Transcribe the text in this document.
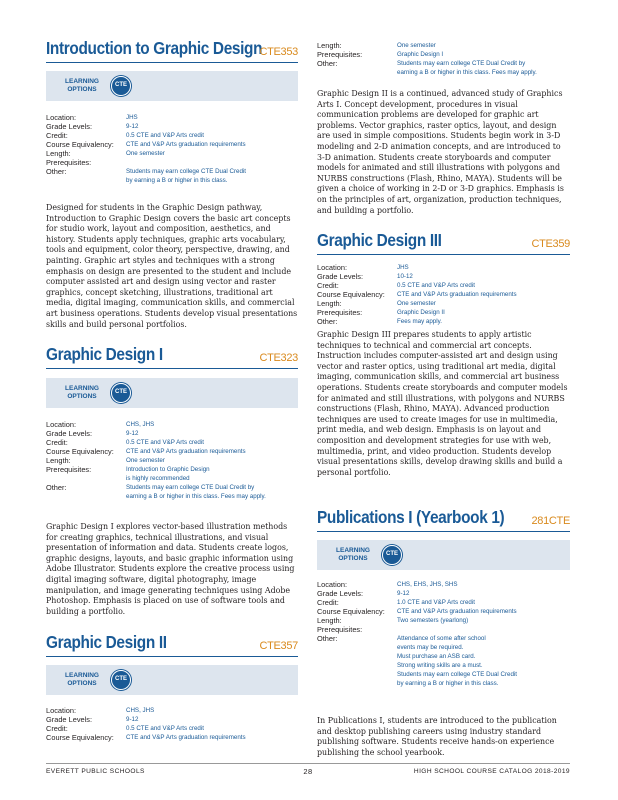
Introduction to Graphic Design
CTE353
LEARNING
OPTIONS
CTE
Location:	JHS
Grade Levels:	9-12
Credit:	0.5 CTE and V&P Arts credit
Course Equivalency:	CTE and V&P Arts graduation requirements
Length:	One semester
Prerequisites:
Other:	Students may earn college CTE Dual Credit
by earning a B or higher in this class.
Designed for students in the Graphic Design pathway, Introduction to Graphic Design covers the basic art concepts for studio work, layout and composition, aesthetics, and history. Students apply techniques, graphic arts vocabulary, tools and equipment, color theory, perspective, drawing, and painting. Graphic art styles and techniques with a strong emphasis on design are presented to the student and include computer assisted art and design using vector and raster graphics, concept sketching, illustrations, traditional art media, digital imaging, communication skills, and commercial art business operations. Students develop visual presentations skills and build personal portfolios.
Graphic Design I	CTE323
LEARNING
OPTIONS
CTE
Location:	CHS, JHS
Grade Levels:	9-12
Credit:	0.5 CTE and V&P Arts credit
Course Equivalency:	CTE and V&P Arts graduation requirements
Length:	One semester
Prerequisites:	Introduction to Graphic Design
is highly recommended
Other:	Students may earn college CTE Dual Credit by
earning a B or higher in this class. Fees may apply.
Graphic Design I explores vector-based illustration methods for creating graphics, technical illustrations, and visual presentation of information and data. Students create logos, graphic designs, layouts, and basic graphic information using Adobe Illustrator. Students explore the creative process using digital imaging software, digital photography, image manipulation, and image generating techniques using Adobe Photoshop. Emphasis is placed on use of software tools and building a portfolio.
Graphic Design II	CTE357
LEARNING
OPTIONS
CTE
Location:	CHS, JHS
Grade Levels:	9-12
Credit:	0.5 CTE and V&P Arts credit
Course Equivalency:	CTE and V&P Arts graduation requirements
Length:	One semester
Prerequisites:	Graphic Design I
Other:	Students may earn college CTE Dual Credit by
earning a B or higher in this class. Fees may apply.
Graphic Design II is a continued, advanced study of Graphics Arts I. Concept development, procedures in visual communication problems are developed for graphic art problems. Vector graphics, raster optics, layout, and design are used in simple compositions. Students begin work in 3-D modeling and 2-D animation concepts, and are introduced to 3-D animation. Students create storyboards and computer models for animated and still illustrations with polygons and NURBS constructions (Flash, Rhino, MAYA). Students will be given a choice of working in 2-D or 3-D graphics. Emphasis is on the principles of art, organization, production techniques, and building a portfolio.
Graphic Design III	CTE359
Location:	JHS
Grade Levels:	10-12
Credit:	0.5 CTE and V&P Arts credit
Course Equivalency:	CTE and V&P Arts graduation requirements
Length:	One semester
Prerequisites:	Graphic Design II
Other:	Fees may apply.
Graphic Design III prepares students to apply artistic techniques to technical and commercial art concepts. Instruction includes computer-assisted art and design using vector and raster optics, using traditional art media, digital imaging, communication skills, and commercial art business operations. Students create storyboards and computer models for animated and still illustrations, with polygons and NURBS constructions (Flash, Rhino, MAYA). Advanced production techniques are used to create images for use in multimedia, print media, and web design. Emphasis is on layout and composition and development strategies for use with web, multimedia, print, and video production. Students develop visual presentations skills, develop drawing skills and build a personal portfolio.
Publications I (Yearbook 1) 281CTE
LEARNING
OPTIONS
CTE
Location:	CHS, EHS, JHS, SHS
Grade Levels:	9-12
Credit:	1.0 CTE and V&P Arts credit
Course Equivalency:	CTE and V&P Arts graduation requirements
Length:	Two semesters (yearlong)
Prerequisites:
Other:	Attendance of some after school
events may be required.
Must purchase an ASB card.
Strong writing skills are a must.
Students may earn college CTE Dual Credit
by earning a B or higher in this class.
In Publications I, students are introduced to the publication and desktop publishing careers using industry standard publishing software. Students receive hands-on experience publishing the school yearbook.
EVERETT PUBLIC SCHOOLS	28	HIGH SCHOOL COURSE CATALOG 2018-2019
